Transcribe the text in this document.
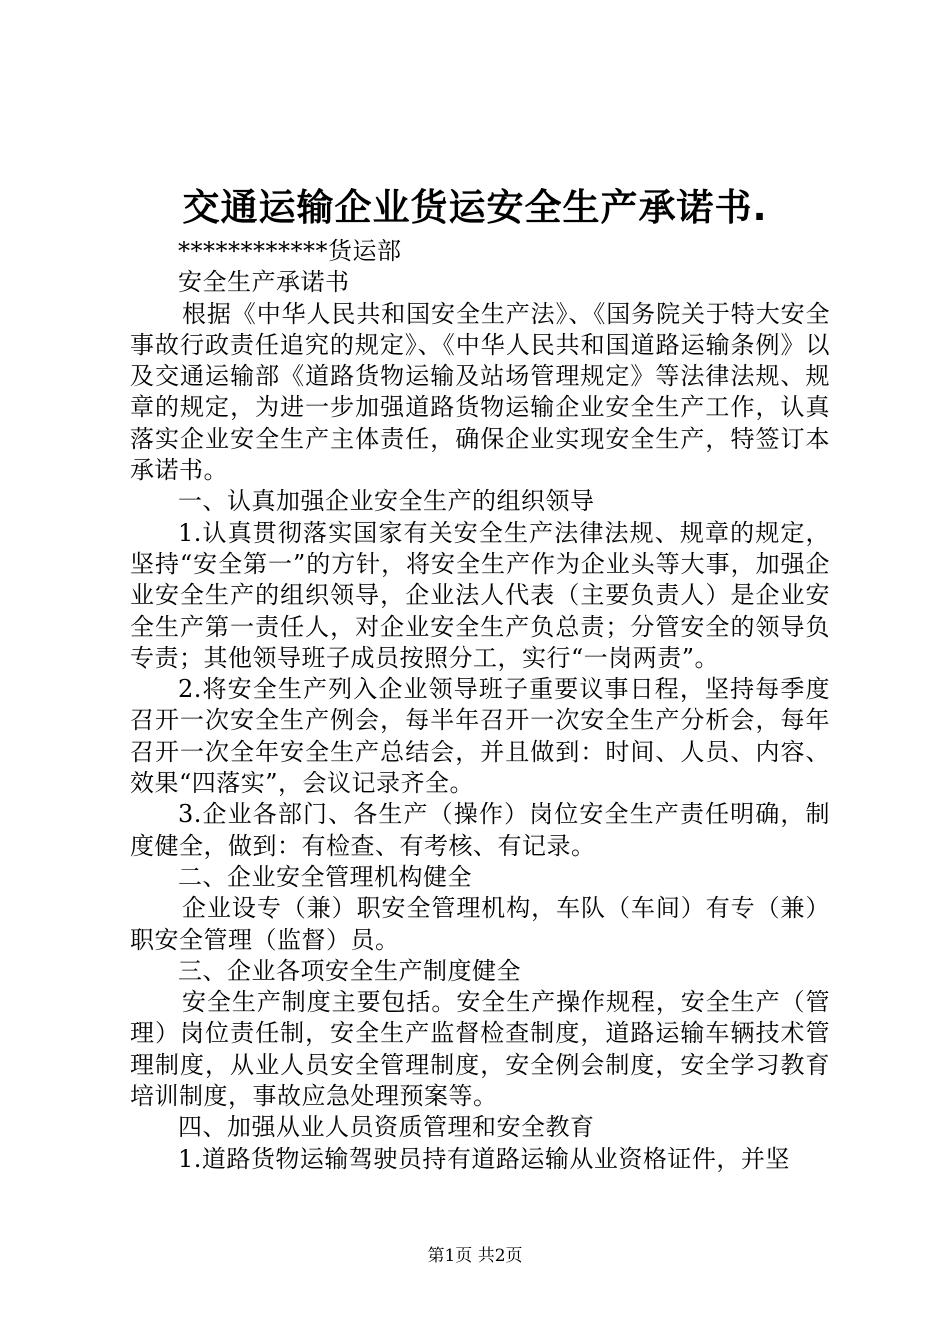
交通运输企业货运安全生产承诺书.

************货运部

安全生产承诺书

根据《中华人民共和国安全生产法》、《国务院关于特大安全事故行政责任追究的规定》、《中华人民共和国道路运输条例》以及交通运输部《道路货物运输及站场管理规定》等法律法规、规章的规定，为进一步加强道路货物运输企业安全生产工作，认真落实企业安全生产主体责任，确保企业实现安全生产，特签订本承诺书。

一、认真加强企业安全生产的组织领导

1.认真贯彻落实国家有关安全生产法律法规、规章的规定，坚持“安全第一”的方针，将安全生产作为企业头等大事，加强企业安全生产的组织领导，企业法人代表（主要负责人）是企业安全生产第一责任人，对企业安全生产负总责；分管安全的领导负专责；其他领导班子成员按照分工，实行“一岗两责”。

2.将安全生产列入企业领导班子重要议事日程，坚持每季度召开一次安全生产例会，每半年召开一次安全生产分析会，每年召开一次全年安全生产总结会，并且做到：时间、人员、内容、效果“四落实”，会议记录齐全。

3.企业各部门、各生产（操作）岗位安全生产责任明确，制度健全，做到：有检查、有考核、有记录。

二、企业安全管理机构健全

企业设专（兼）职安全管理机构，车队（车间）有专（兼）职安全管理（监督）员。

三、企业各项安全生产制度健全

安全生产制度主要包括。安全生产操作规程，安全生产（管理）岗位责任制，安全生产监督检查制度，道路运输车辆技术管理制度，从业人员安全管理制度，安全例会制度，安全学习教育培训制度，事故应急处理预案等。

四、加强从业人员资质管理和安全教育

1.道路货物运输驾驶员持有道路运输从业资格证件，并坚

第1页 共2页
